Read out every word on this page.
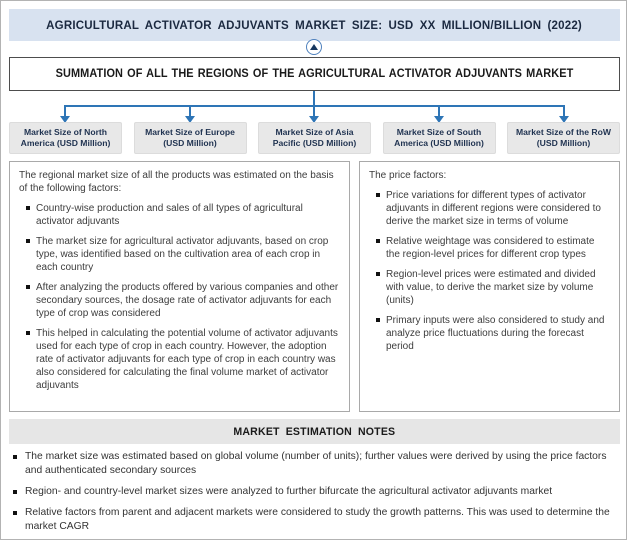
AGRICULTURAL ACTIVATOR ADJUVANTS MARKET SIZE: USD XX MILLION/BILLION (2022)
SUMMATION OF ALL THE REGIONS OF THE AGRICULTURAL ACTIVATOR ADJUVANTS MARKET
Market Size of North America (USD Million)
Market Size of Europe (USD Million)
Market Size of Asia Pacific (USD Million)
Market Size of South America (USD Million)
Market Size of the RoW (USD Million)
The regional market size of all the products was estimated on the basis of the following factors:
Country-wise production and sales of all types of agricultural activator adjuvants
The market size for agricultural activator adjuvants, based on crop type, was identified based on the cultivation area of each crop in each country
After analyzing the products offered by various companies and other secondary sources, the dosage rate of activator adjuvants for each type of crop was considered
This helped in calculating the potential volume of activator adjuvants used for each type of crop in each country. However, the adoption rate of activator adjuvants for each type of crop in each country was also considered for calculating the final volume market of activator adjuvants
The price factors:
Price variations for different types of activator adjuvants in different regions were considered to derive the market size in terms of volume
Relative weightage was considered to estimate the region-level prices for different crop types
Region-level prices were estimated and divided with value, to derive the market size by volume (units)
Primary inputs were also considered to study and analyze price fluctuations during the forecast period
MARKET ESTIMATION NOTES
The market size was estimated based on global volume (number of units); further values were derived by using the price factors and authenticated secondary sources
Region- and country-level market sizes were analyzed to further bifurcate the agricultural activator adjuvants market
Relative factors from parent and adjacent markets were considered to study the growth patterns. This was used to determine the market CAGR
